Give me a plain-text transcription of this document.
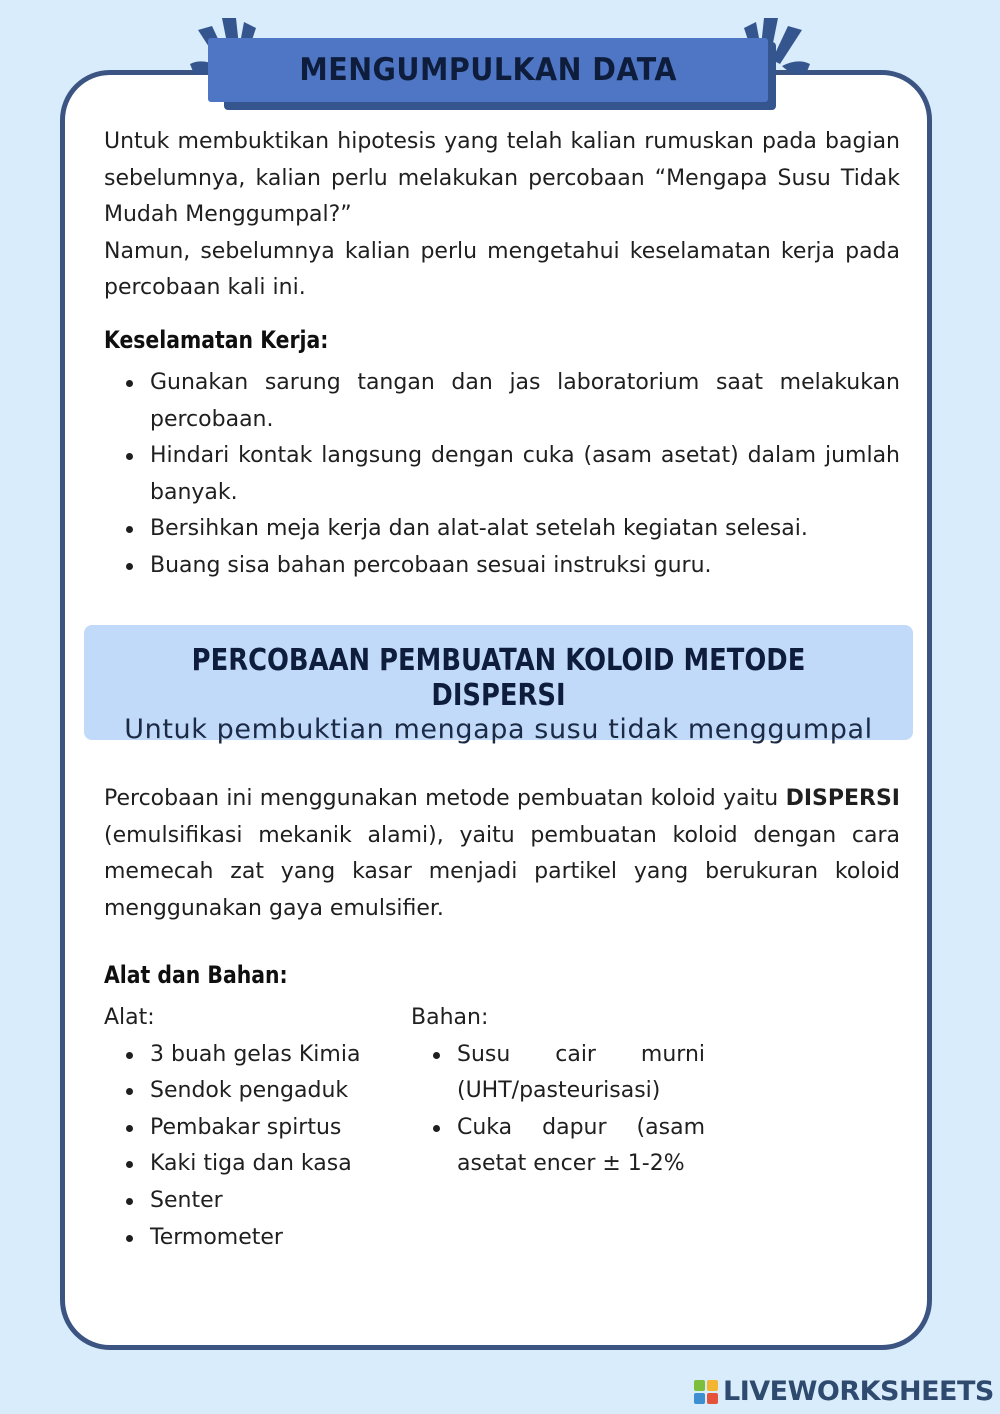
MENGUMPULKAN DATA
Untuk membuktikan hipotesis yang telah kalian rumuskan pada bagian sebelumnya, kalian perlu melakukan percobaan “Mengapa Susu Tidak Mudah Menggumpal?”
Namun, sebelumnya kalian perlu mengetahui keselamatan kerja pada percobaan kali ini.
Keselamatan Kerja:
Gunakan sarung tangan dan jas laboratorium saat melakukan percobaan.
Hindari kontak langsung dengan cuka (asam asetat) dalam jumlah banyak.
Bersihkan meja kerja dan alat-alat setelah kegiatan selesai.
Buang sisa bahan percobaan sesuai instruksi guru.
PERCOBAAN PEMBUATAN KOLOID METODE DISPERSI
Untuk pembuktian mengapa susu tidak menggumpal
Percobaan ini menggunakan metode pembuatan koloid yaitu DISPERSI (emulsifikasi mekanik alami), yaitu pembuatan koloid dengan cara memecah zat yang kasar menjadi partikel yang berukuran koloid menggunakan gaya emulsifier.
Alat dan Bahan:
Alat:
3 buah gelas Kimia
Sendok pengaduk
Pembakar spirtus
Kaki tiga dan kasa
Senter
Termometer
Bahan:
Susu cair murni (UHT/pasteurisasi)
Cuka dapur (asam asetat encer ± 1-2%
LIVEWORKSHEETS
